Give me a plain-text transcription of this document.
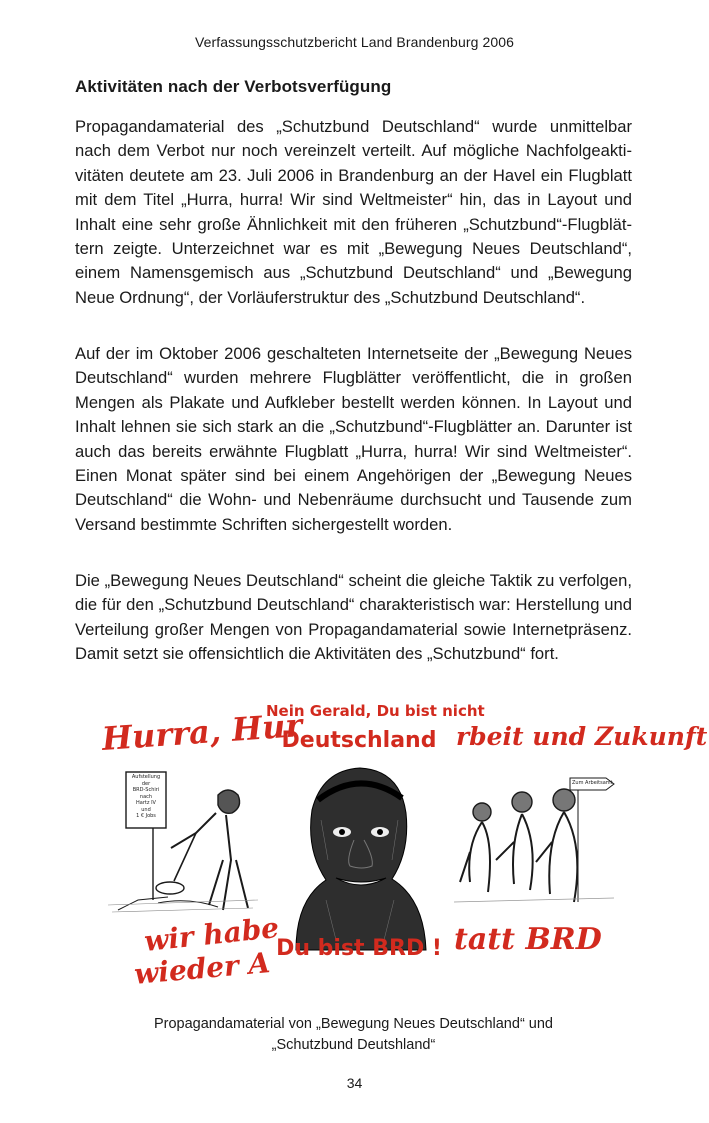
Verfassungsschutzbericht Land Brandenburg 2006
Aktivitäten nach der Verbotsverfügung

Propagandamaterial des „Schutzbund Deutschland“ wurde unmittelbar nach dem Verbot nur noch vereinzelt verteilt. Auf mögliche Nachfolgeaktivitäten deutete am 23. Juli 2006 in Brandenburg an der Havel ein Flugblatt mit dem Titel „Hurra, hurra! Wir sind Weltmeister“ hin, das in Layout und Inhalt eine sehr große Ähnlichkeit mit den früheren „Schutzbund“-Flugblättern zeigte. Unterzeichnet war es mit „Bewegung Neues Deutschland“, einem Namensgemisch aus „Schutzbund Deutschland“ und „Bewegung Neue Ordnung“, der Vorläuferstruktur des „Schutzbund Deutschland“.

Auf der im Oktober 2006 geschalteten Internetseite der „Bewegung Neues Deutschland“ wurden mehrere Flugblätter veröffentlicht, die in großen Mengen als Plakate und Aufkleber bestellt werden können. In Layout und Inhalt lehnen sie sich stark an die „Schutzbund“-Flugblätter an. Darunter ist auch das bereits erwähnte Flugblatt „Hurra, hurra! Wir sind Weltmeister“. Einen Monat später sind bei einem Angehörigen der „Bewegung Neues Deutschland“ die Wohn- und Nebenräume durchsucht und Tausende zum Versand bestimmte Schriften sichergestellt worden.

Die „Bewegung Neues Deutschland“ scheint die gleiche Taktik zu verfolgen, die für den „Schutzbund Deutschland“ charakteristisch war: Herstellung und Verteilung großer Mengen von Propagandamaterial sowie Internetpräsenz. Damit setzt sie offensichtlich die Aktivitäten des „Schutzbund“ fort.

Hurra, Hur
Aufstellung
der
BRD-Schiri
nach
Hartz IV
und
1 € Jobs
wir habe
wieder A
Nein Gerald, Du bist nicht
Deutschland
Du bist BRD !
rbeit und Zukunft
Zum Arbeitsamt
tatt BRD
Propagandamaterial von „Bewegung Neues Deutschland“ und
„Schutzbund Deutshland“
34
